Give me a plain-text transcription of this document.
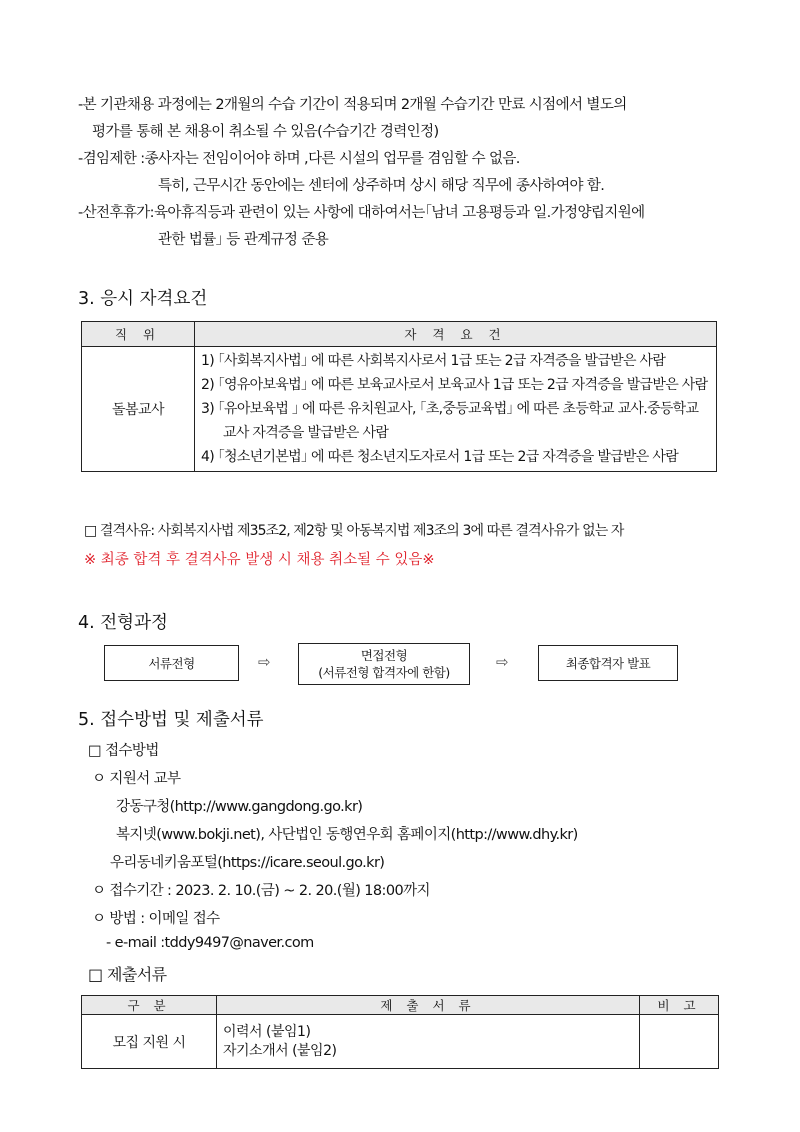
-본 기관채용 과정에는 2개월의 수습 기간이 적용되며 2개월 수습기간 만료 시점에서 별도의
평가를 통해 본 채용이 취소될 수 있음(수습기간 경력인정)
-겸임제한 :종사자는 전임이어야 하며 ,다른 시설의 업무를 겸임할 수 없음.
특히, 근무시간 동안에는 센터에 상주하며 상시 해당 직무에 종사하여야 함.
-산전후휴가:육아휴직등과 관련이 있는 사항에 대하여서는｢남녀 고용평등과 일.가정양립지원에
관한 법률｣ 등 관계규정 준용
3. 응시 자격요건
직 위	자 격 요 건
돌봄교사	1) ｢사회복지사법｣ 에 따른 사회복지사로서 1급 또는 2급 자격증을 발급받은 사람
2) ｢영유아보육법｣ 에 따른 보육교사로서 보육교사 1급 또는 2급 자격증을 발급받은 사람
3) ｢유아보육법 ｣ 에 따른 유치원교사, ｢초,중등교육법｣ 에 따른 초등학교 교사.중등학교 교사 자격증을 발급받은 사람
4) ｢청소년기본법｣ 에 따른 청소년지도자로서 1급 또는 2급 자격증을 발급받은 사람
□ 결격사유: 사회복지사법 제35조2, 제2항 및 아동복지법 제3조의 3에 따른 결격사유가 없는 자
※ 최종 합격 후 결격사유 발생 시 채용 취소될 수 있음※
4. 전형과정
서류전형	⇨	면접전형
(서류전형 합격자에 한함)
⇨	최종합격자 발표
5. 접수방법 및 제출서류
□ 접수방법
ㅇ 지원서 교부
강동구청(http://www.gangdong.go.kr)
복지넷(www.bokji.net), 사단법인 동행연우회 홈페이지(http://www.dhy.kr)
우리동네키움포털(https://icare.seoul.go.kr)
ㅇ 접수기간 : 2023. 2. 10.(금) ~ 2. 20.(월) 18:00까지
ㅇ 방법 : 이메일 접수
- e-mail :tddy9497@naver.com
□ 제출서류
구 분	제 출 서 류	비 고
모집 지원 시	이력서 (붙임1)
자기소개서 (붙임2)	
